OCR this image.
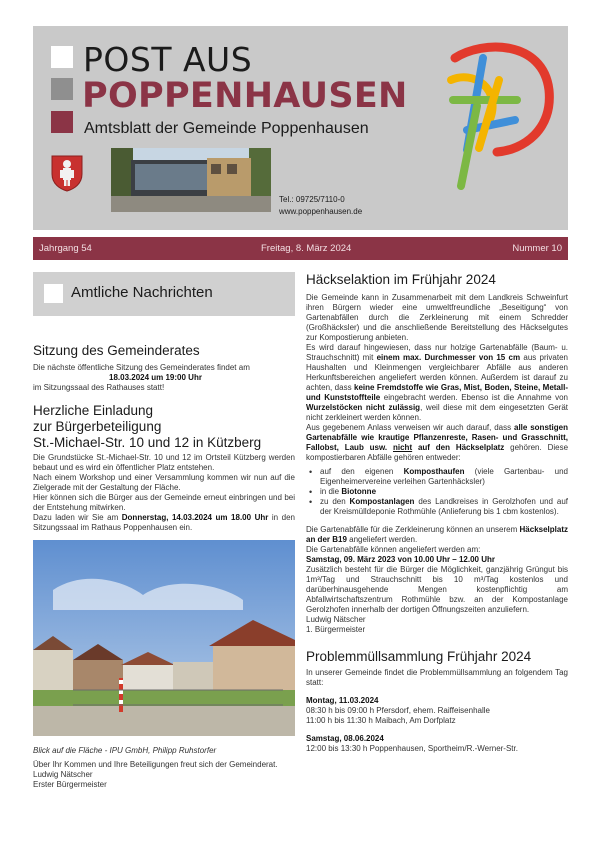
POST AUS
POPPENHAUSEN
Amtsblatt der Gemeinde Poppenhausen
Tel.: 09725/7110-0
www.poppenhausen.de
Jahrgang 54	Freitag, 8. März 2024	Nummer 10
Amtliche Nachrichten
Sitzung des Gemeinderates

Die nächste öffentliche Sitzung des Gemeinderates findet am

18.03.2024 um 19:00 Uhr

im Sitzungssaal des Rathauses statt!

Herzliche Einladung
zur Bürgerbeteiligung
St.-Michael-Str. 10 und 12 in Kützberg

Die Grundstücke St.-Michael-Str. 10 und 12 im Ortsteil Kützberg werden bebaut und es wird ein öffentlicher Platz entstehen.

Nach einem Workshop und einer Versammlung kommen wir nun auf die Zielgerade mit der Gestaltung der Fläche.

Hier können sich die Bürger aus der Gemeinde erneut einbringen und bei der Entstehung mitwirken.

Dazu laden wir Sie am Donnerstag, 14.03.2024 um 18.00 Uhr in den Sitzungssaal im Rathaus Poppenhausen ein.

Blick auf die Fläche - IPU GmbH, Philipp Ruhstorfer

Über Ihr Kommen und Ihre Beteiligungen freut sich der Gemeinderat.

Ludwig Nätscher

Erster Bürgermeister

Häckselaktion im Frühjahr 2024

Die Gemeinde kann in Zusammenarbeit mit dem Landkreis Schweinfurt ihren Bürgern wieder eine umweltfreundliche „Beseitigung“ von Gartenabfällen durch die Zerkleinerung mit einem Schredder (Großhäcksler) und die anschließende Bereitstellung des Häckselgutes zur Kompostierung anbieten.

Es wird darauf hingewiesen, dass nur holzige Gartenabfälle (Baum- u. Strauchschnitt) mit einem max. Durchmesser von 15 cm aus privaten Haushalten und Kleinmengen vergleichbarer Abfälle aus anderen Herkunftsbereichen angeliefert werden können. Außerdem ist darauf zu achten, dass keine Fremdstoffe wie Gras, Mist, Boden, Steine, Metall- und Kunststoffteile eingebracht werden. Ebenso ist die Annahme von Wurzelstöcken nicht zulässig, weil diese mit dem eingesetzten Gerät nicht zerkleinert werden können.

Aus gegebenem Anlass verweisen wir auch darauf, dass alle sonstigen Gartenabfälle wie krautige Pflanzenreste, Rasen- und Grasschnitt, Fallobst, Laub usw. nicht auf den Häckselplatz gehören. Diese kompostierbaren Abfälle gehören entweder:

• auf den eigenen Komposthaufen (viele Gartenbau- und Eigenheimervereine verleihen Gartenhäcksler)
• in die Biotonne
• zu den Kompostanlagen des Landkreises in Gerolzhofen und auf der Kreismülldeponie Rothmühle (Anlieferung bis 1 cbm kostenlos).

Die Gartenabfälle für die Zerkleinerung können an unserem Häckselplatz an der B19 angeliefert werden.

Die Gartenabfälle können angeliefert werden am:

Samstag, 09. März 2023 von 10.00 Uhr – 12.00 Uhr

Zusätzlich besteht für die Bürger die Möglichkeit, ganzjährig Grüngut bis 1m³/Tag und Strauchschnitt bis 10 m³/Tag kostenlos und darüberhinausgehende Mengen kostenpflichtig am Abfallwirtschaftszentrum Rothmühle bzw. an der Kompostanlage Gerolzhofen innerhalb der dortigen Öffnungszeiten anzuliefern.

Ludwig Nätscher

1. Bürgermeister

Problemmüllsammlung Frühjahr 2024

In unserer Gemeinde findet die Problemmüllsammlung an folgendem Tag statt:

Montag, 11.03.2024

08:30 h bis 09:00 h Pfersdorf, ehem. Raiffeisenhalle

11:00 h bis 11:30 h Maibach, Am Dorfplatz

Samstag, 08.06.2024

12:00 bis 13:30 h Poppenhausen, Sportheim/R.-Werner-Str.
